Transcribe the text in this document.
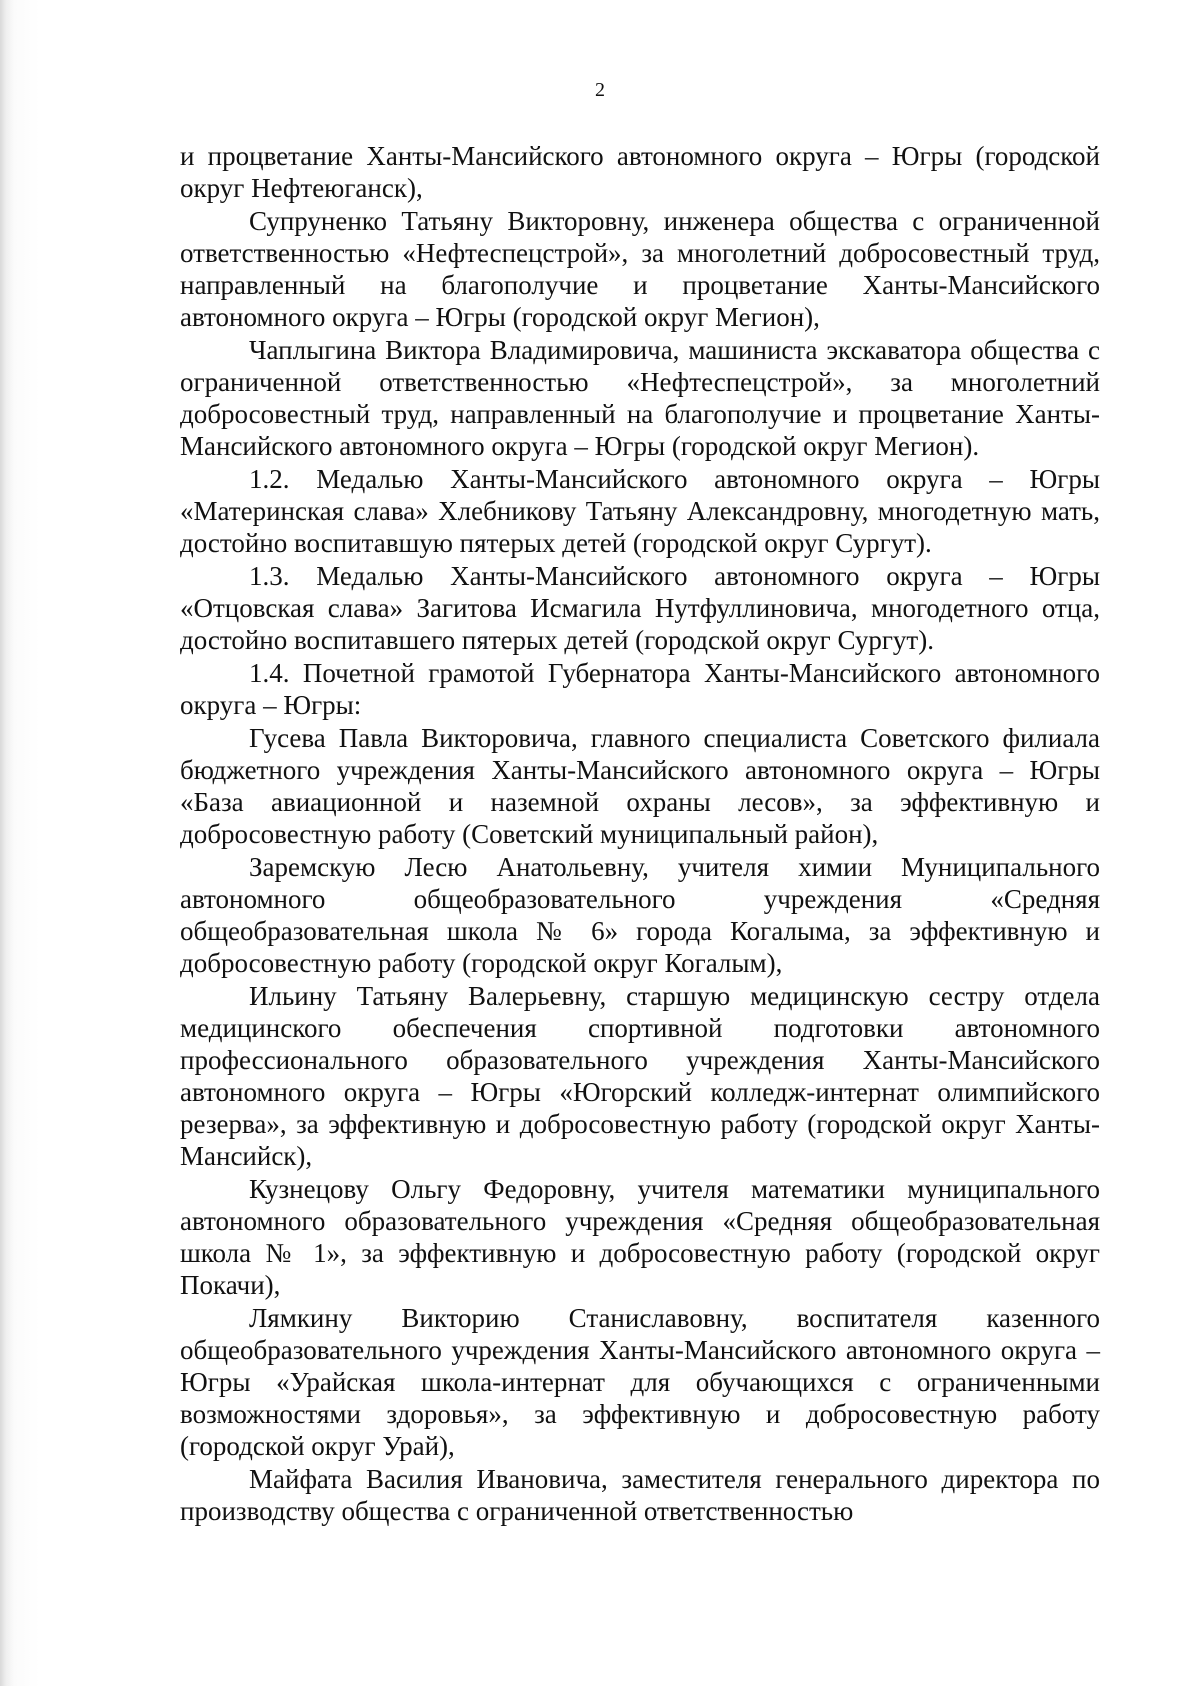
2

и процветание Ханты-Мансийского автономного округа – Югры (городской округ Нефтеюганск),

Супруненко Татьяну Викторовну, инженера общества с ограниченной ответственностью «Нефтеспецстрой», за многолетний добросовестный труд, направленный на благополучие и процветание Ханты-Мансийского автономного округа – Югры (городской округ Мегион),

Чаплыгина Виктора Владимировича, машиниста экскаватора общества с ограниченной ответственностью «Нефтеспецстрой», за многолетний добросовестный труд, направленный на благополучие и процветание Ханты-Мансийского автономного округа – Югры (городской округ Мегион).

1.2. Медалью Ханты-Мансийского автономного округа – Югры «Материнская слава» Хлебникову Татьяну Александровну, многодетную мать, достойно воспитавшую пятерых детей (городской округ Сургут).

1.3. Медалью Ханты-Мансийского автономного округа – Югры «Отцовская слава» Загитова Исмагила Нутфуллиновича, многодетного отца, достойно воспитавшего пятерых детей (городской округ Сургут).

1.4. Почетной грамотой Губернатора Ханты-Мансийского автономного округа – Югры:

Гусева Павла Викторовича, главного специалиста Советского филиала бюджетного учреждения Ханты-Мансийского автономного округа – Югры «База авиационной и наземной охраны лесов», за эффективную и добросовестную работу (Советский муниципальный район),

Заремскую Лесю Анатольевну, учителя химии Муниципального автономного общеобразовательного учреждения «Средняя общеобразовательная школа № 6» города Когалыма, за эффективную и добросовестную работу (городской округ Когалым),

Ильину Татьяну Валерьевну, старшую медицинскую сестру отдела медицинского обеспечения спортивной подготовки автономного профессионального образовательного учреждения Ханты-Мансийского автономного округа – Югры «Югорский колледж-интернат олимпийского резерва», за эффективную и добросовестную работу (городской округ Ханты-Мансийск),

Кузнецову Ольгу Федоровну, учителя математики муниципального автономного образовательного учреждения «Средняя общеобразовательная школа № 1», за эффективную и добросовестную работу (городской округ Покачи),

Лямкину Викторию Станиславовну, воспитателя казенного общеобразовательного учреждения Ханты-Мансийского автономного округа – Югры «Урайская школа-интернат для обучающихся с ограниченными возможностями здоровья», за эффективную и добросовестную работу (городской округ Урай),

Майфата Василия Ивановича, заместителя генерального директора по производству общества с ограниченной ответственностью
